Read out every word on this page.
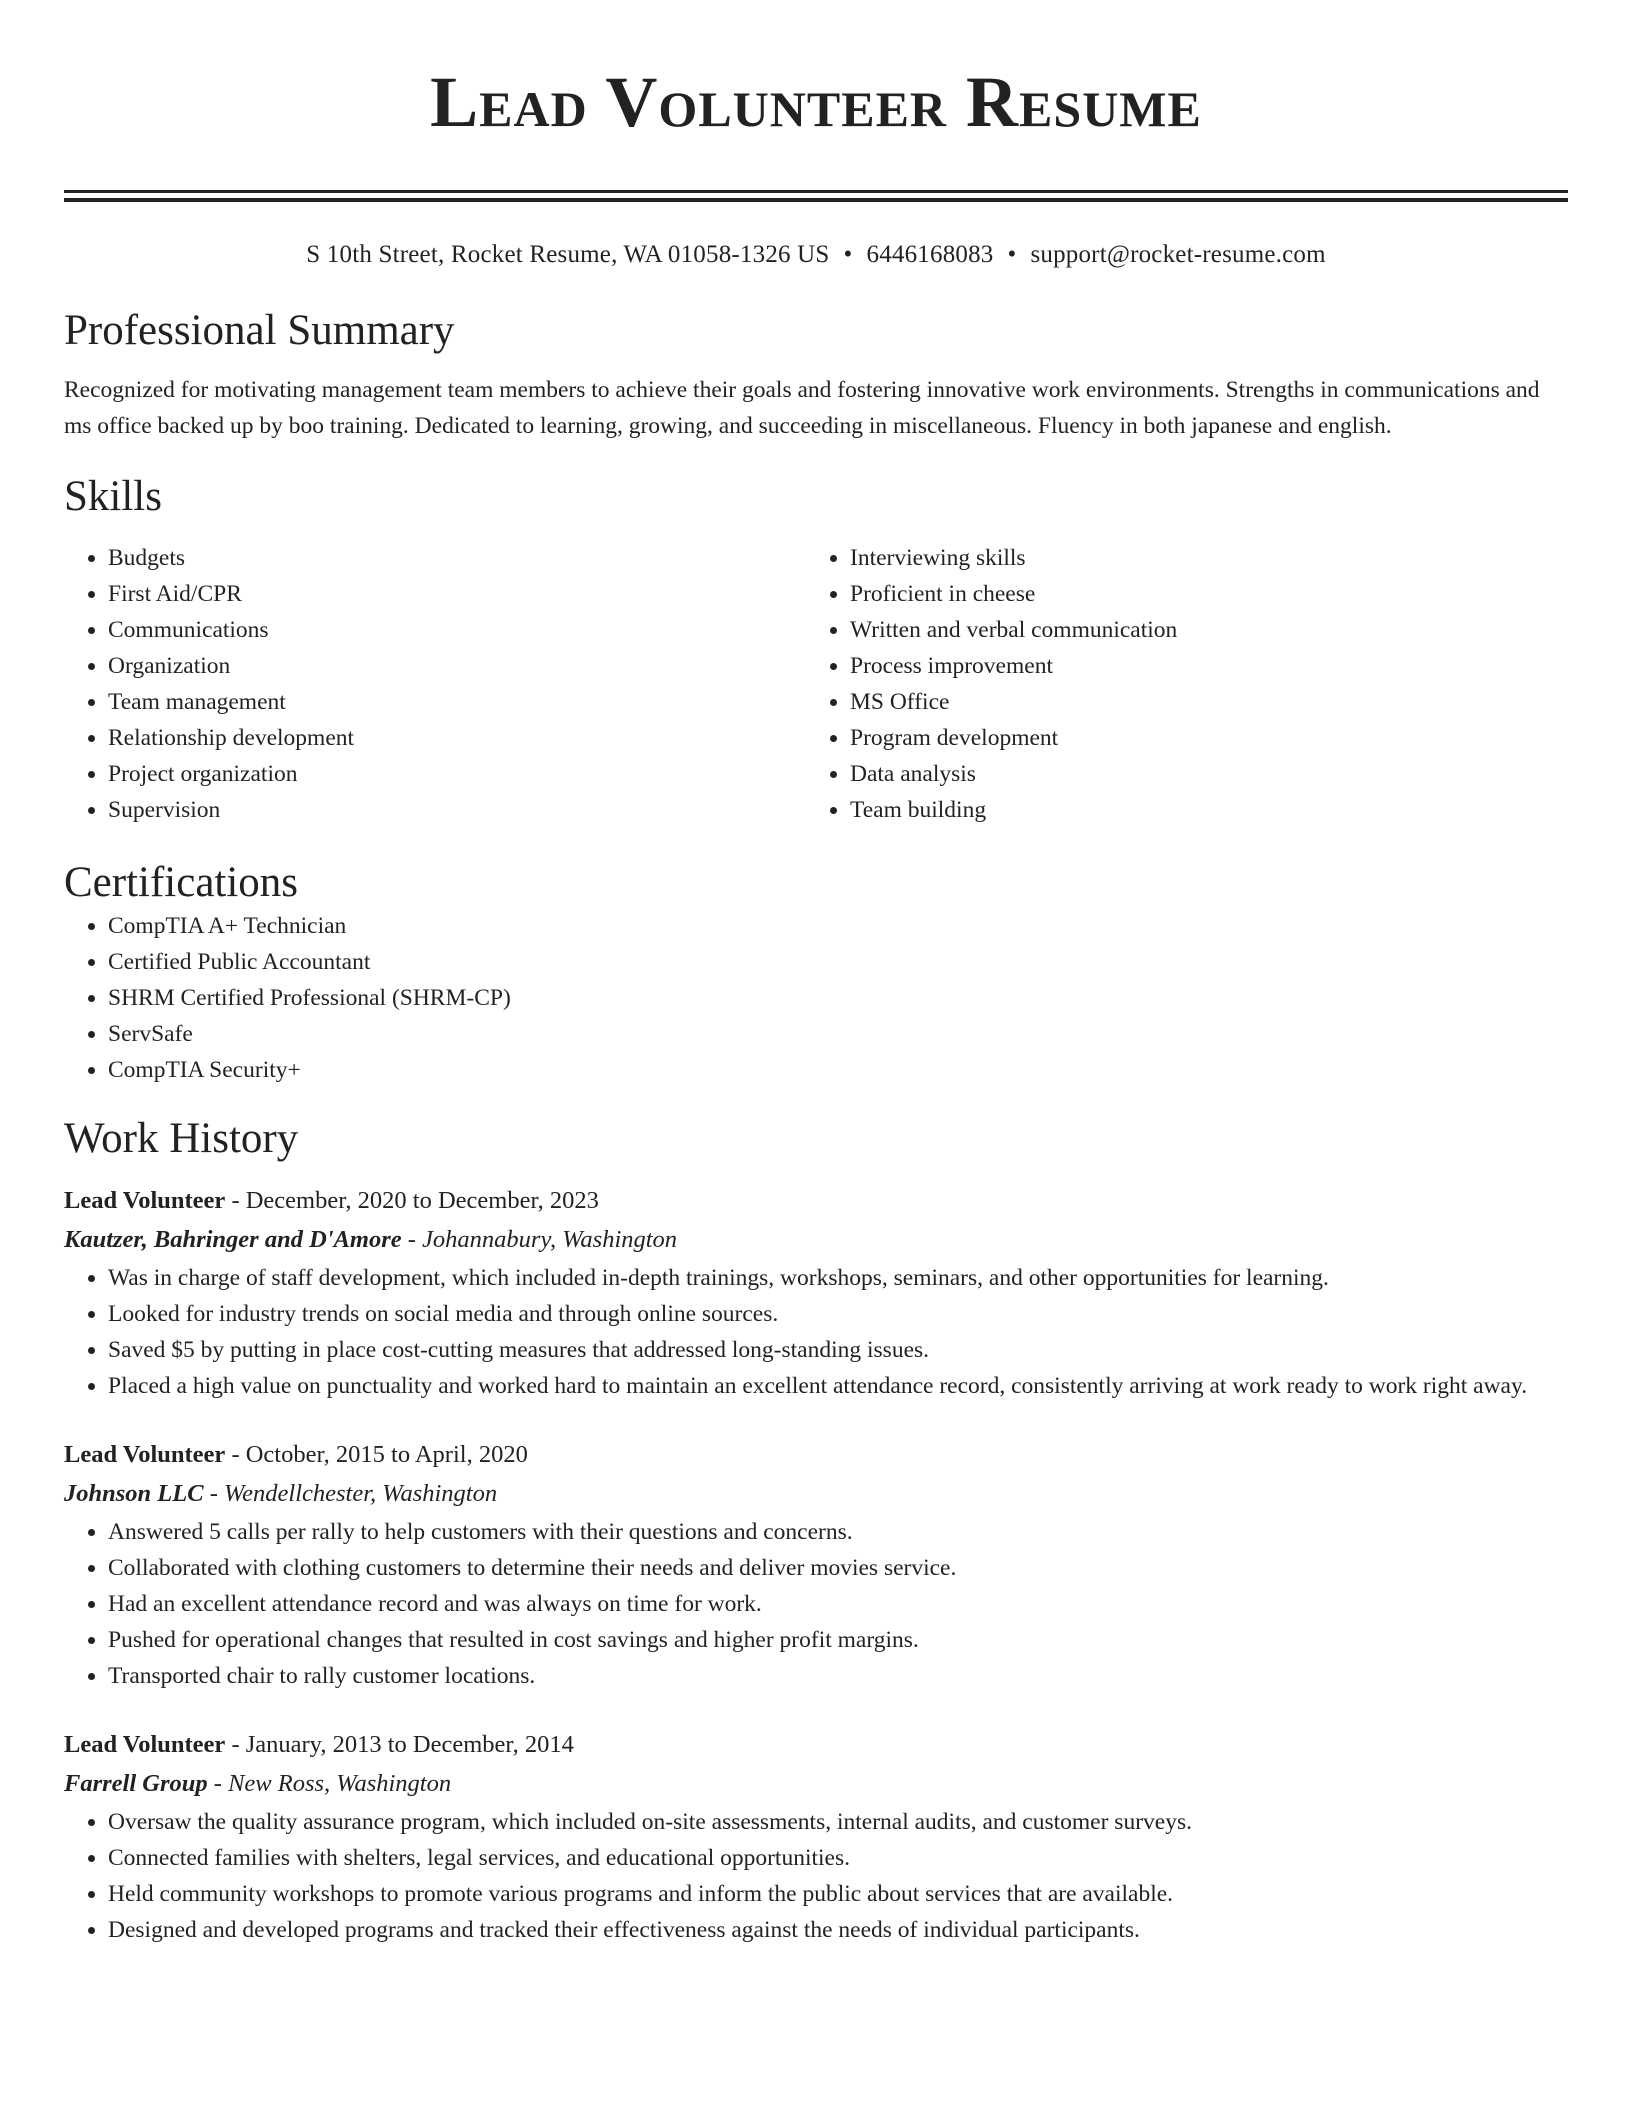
Lead Volunteer Resume
S 10th Street, Rocket Resume, WA 01058-1326 US • 6446168083 • support@rocket-resume.com
Professional Summary
Recognized for motivating management team members to achieve their goals and fostering innovative work environments. Strengths in communications and ms office backed up by boo training. Dedicated to learning, growing, and succeeding in miscellaneous. Fluency in both japanese and english.
Skills
• Budgets
• First Aid/CPR
• Communications
• Organization
• Team management
• Relationship development
• Project organization
• Supervision
• Interviewing skills
• Proficient in cheese
• Written and verbal communication
• Process improvement
• MS Office
• Program development
• Data analysis
• Team building
Certifications
• CompTIA A+ Technician
• Certified Public Accountant
• SHRM Certified Professional (SHRM-CP)
• ServSafe
• CompTIA Security+
Work History
Lead Volunteer - December, 2020 to December, 2023
Kautzer, Bahringer and D'Amore - Johannabury, Washington
• Was in charge of staff development, which included in-depth trainings, workshops, seminars, and other opportunities for learning.
• Looked for industry trends on social media and through online sources.
• Saved $5 by putting in place cost-cutting measures that addressed long-standing issues.
• Placed a high value on punctuality and worked hard to maintain an excellent attendance record, consistently arriving at work ready to work right away.
Lead Volunteer - October, 2015 to April, 2020
Johnson LLC - Wendellchester, Washington
• Answered 5 calls per rally to help customers with their questions and concerns.
• Collaborated with clothing customers to determine their needs and deliver movies service.
• Had an excellent attendance record and was always on time for work.
• Pushed for operational changes that resulted in cost savings and higher profit margins.
• Transported chair to rally customer locations.
Lead Volunteer - January, 2013 to December, 2014
Farrell Group - New Ross, Washington
• Oversaw the quality assurance program, which included on-site assessments, internal audits, and customer surveys.
• Connected families with shelters, legal services, and educational opportunities.
• Held community workshops to promote various programs and inform the public about services that are available.
• Designed and developed programs and tracked their effectiveness against the needs of individual participants.
